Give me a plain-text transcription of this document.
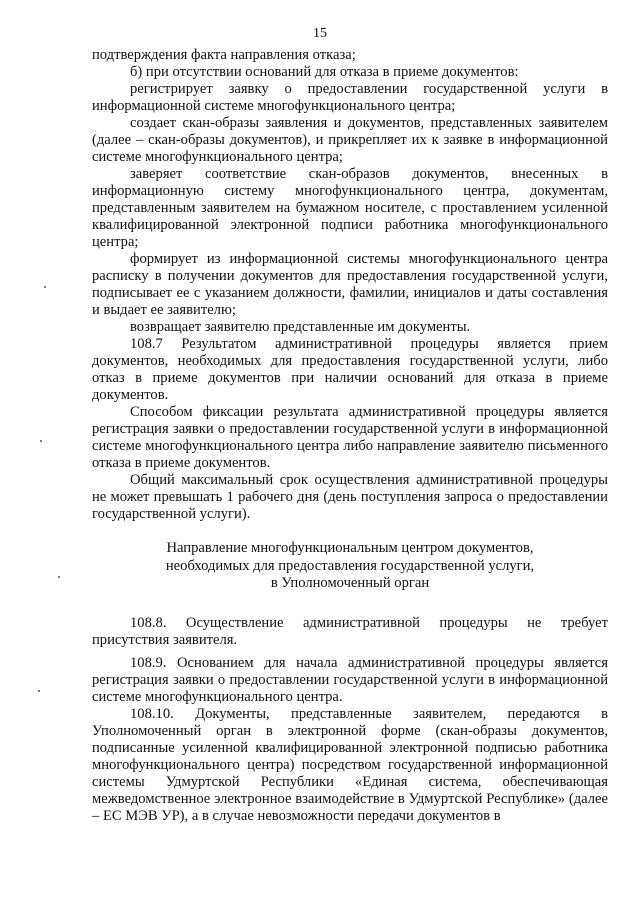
15

подтверждения факта направления отказа;

б) при отсутствии оснований для отказа в приеме документов:

регистрирует заявку о предоставлении государственной услуги в информационной системе многофункционального центра;

создает скан-образы заявления и документов, представленных заявителем (далее – скан-образы документов), и прикрепляет их к заявке в информационной системе многофункционального центра;

заверяет соответствие скан-образов документов, внесенных в информационную систему многофункционального центра, документам, представленным заявителем на бумажном носителе, с проставлением усиленной квалифицированной электронной подписи работника многофункционального центра;

формирует из информационной системы многофункционального центра расписку в получении документов для предоставления государственной услуги, подписывает ее с указанием должности, фамилии, инициалов и даты составления и выдает ее заявителю;

возвращает заявителю представленные им документы.

108.7 Результатом административной процедуры является прием документов, необходимых для предоставления государственной услуги, либо отказ в приеме документов при наличии оснований для отказа в приеме документов.

Способом фиксации результата административной процедуры является регистрация заявки о предоставлении государственной услуги в информационной системе многофункционального центра либо направление заявителю письменного отказа в приеме документов.

Общий максимальный срок осуществления административной процедуры не может превышать 1 рабочего дня (день поступления запроса о предоставлении государственной услуги).

Направление многофункциональным центром документов,
необходимых для предоставления государственной услуги,
в Уполномоченный орган

108.8. Осуществление административной процедуры не требует присутствия заявителя.

108.9. Основанием для начала административной процедуры является регистрация заявки о предоставлении государственной услуги в информационной системе многофункционального центра.

108.10. Документы, представленные заявителем, передаются в Уполномоченный орган в электронной форме (скан-образы документов, подписанные усиленной квалифицированной электронной подписью работника многофункционального центра) посредством государственной информационной системы Удмуртской Республики «Единая система, обеспечивающая межведомственное электронное взаимодействие в Удмуртской Республике» (далее – ЕС МЭВ УР), а в случае невозможности передачи документов в
